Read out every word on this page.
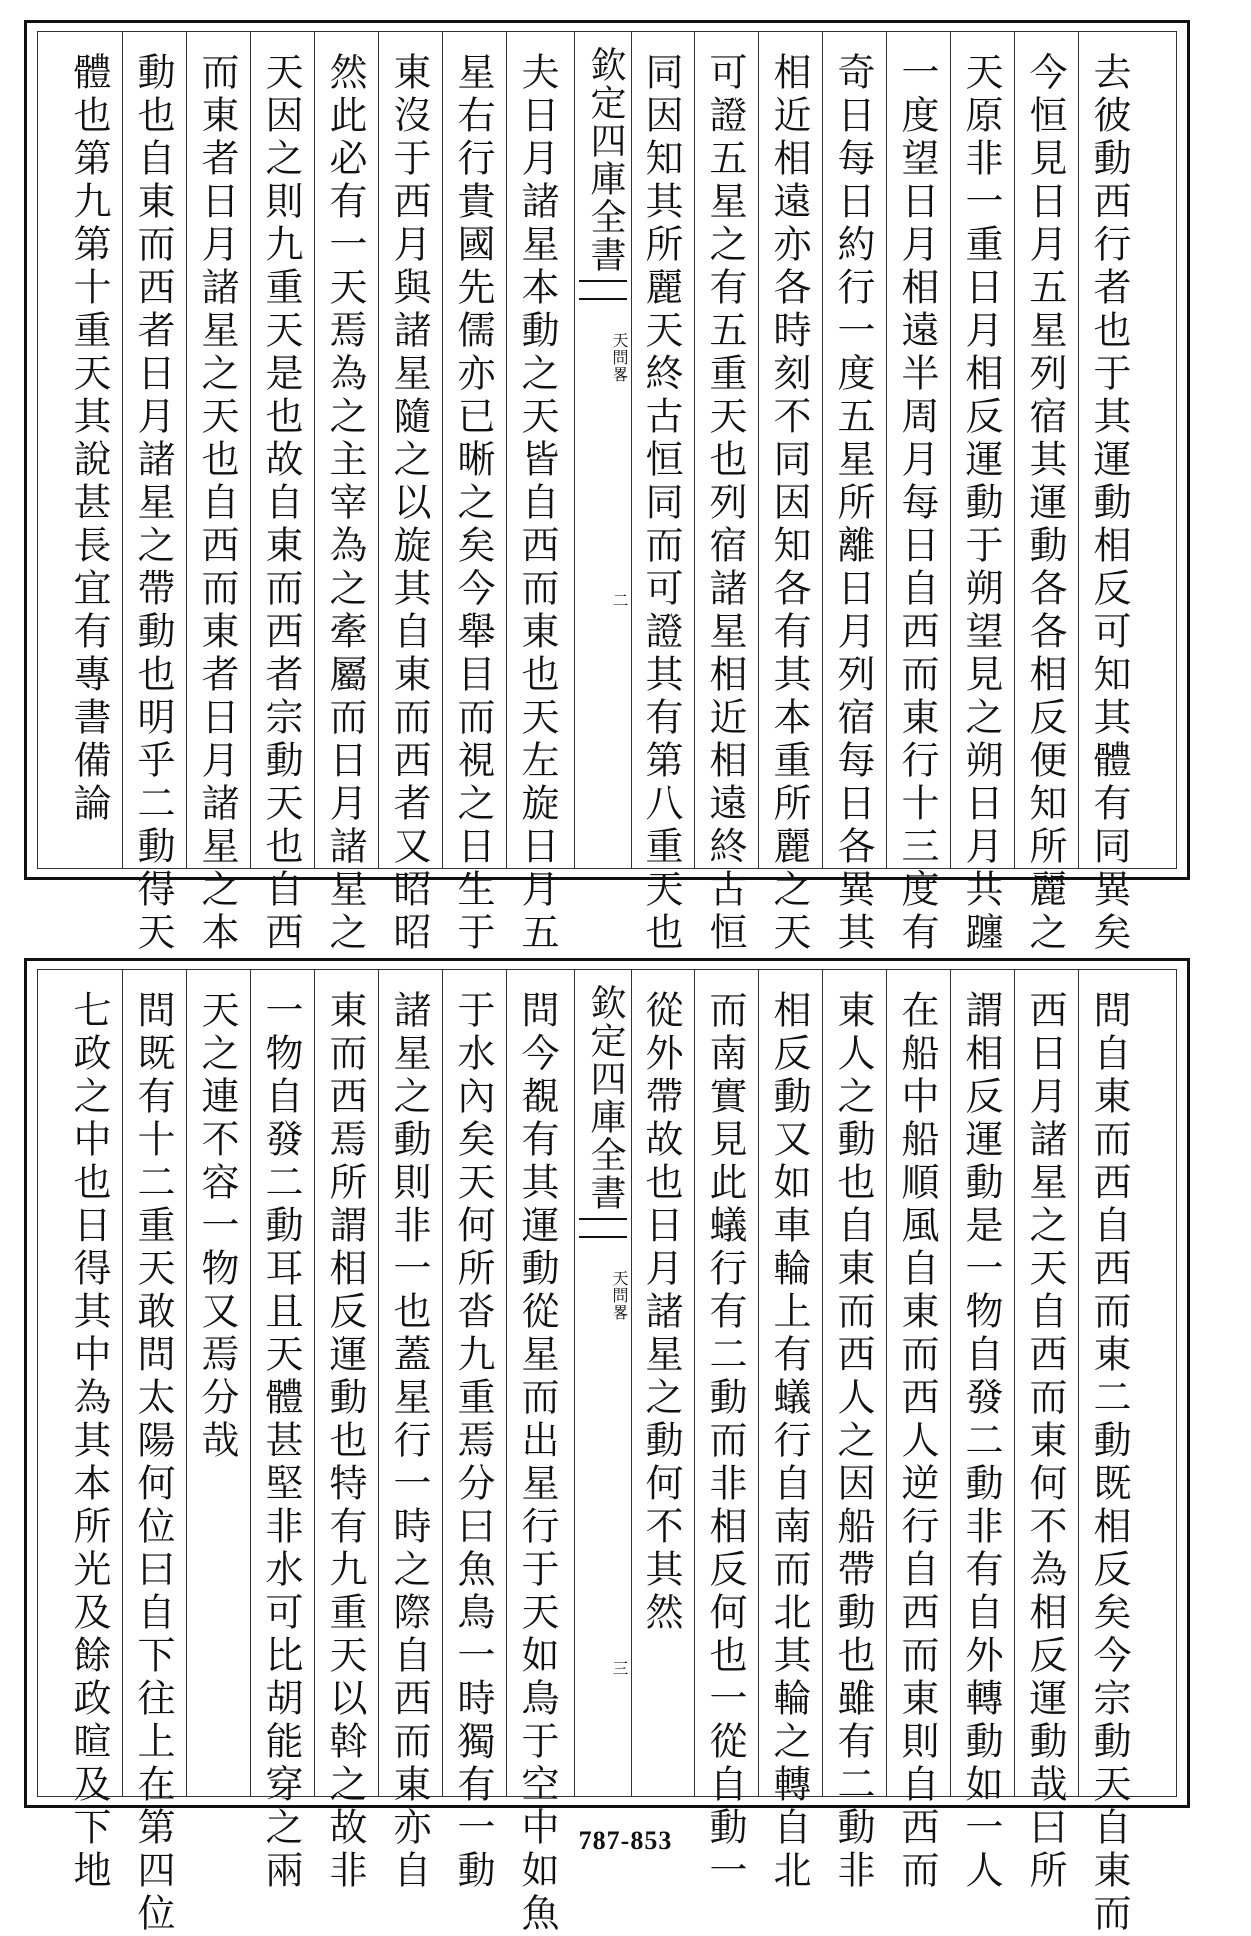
去彼動西行者也于其運動相反可知其體有同異矣
今恒見日月五星列宿其運動各各相反便知所麗之
天原非一重日月相反運動于朔望見之朔日月共躔
一度望日月相遠半周月每日自西而東行十三度有
奇日每日約行一度五星所離日月列宿每日各異其
相近相遠亦各時刻不同因知各有其本重所麗之天
可證五星之有五重天也列宿諸星相近相遠終古恒
同因知其所麗天終古恒同而可證其有第八重天也
欽定四庫全書
天問畧
二
夫日月諸星本動之天皆自西而東也天左旋日月五
星右行貴國先儒亦已晰之矣今舉目而視之日生于
東沒于西月與諸星隨之以旋其自東而西者又昭昭
然此必有一天焉為之主宰為之牽屬而日月諸星之
天因之則九重天是也故自東而西者宗動天也自西
而東者日月諸星之天也自西而東者日月諸星之本
動也自東而西者日月諸星之帶動也明乎二動得天
體也第九第十重天其說甚長宜有專書備論
問自東而西自西而東二動既相反矣今宗動天自東而
西日月諸星之天自西而東何不為相反運動哉曰所
謂相反運動是一物自發二動非有自外轉動如一人
在船中船順風自東而西人逆行自西而東則自西而
東人之動也自東而西人之因船帶動也雖有二動非
相反動又如車輪上有蟻行自南而北其輪之轉自北
而南實見此蟻行有二動而非相反何也一從自動一
從外帶故也日月諸星之動何不其然
欽定四庫全書
天問畧
三
問今覩有其運動從星而出星行于天如鳥于空中如魚
于水內矣天何所沓九重焉分曰魚鳥一時獨有一動
諸星之動則非一也蓋星行一時之際自西而東亦自
東而西焉所謂相反運動也特有九重天以斡之故非
一物自發二動耳且天體甚堅非水可比胡能穿之兩
天之連不容一物又焉分哉
問既有十二重天敢問太陽何位曰自下往上在第四位
七政之中也日得其中為其本所光及餘政暄及下地	787-853
